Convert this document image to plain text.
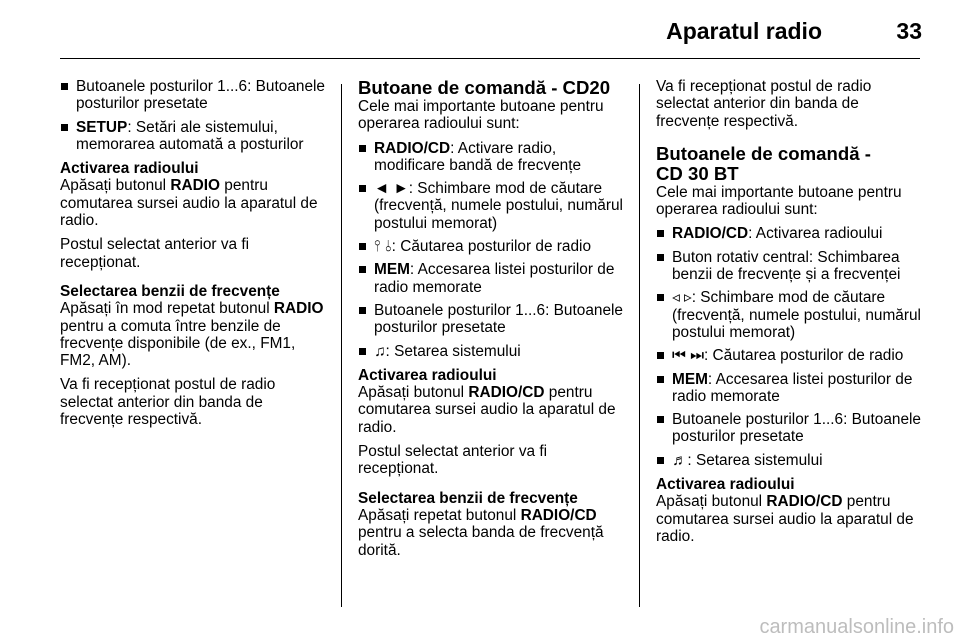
Aparatul radio	33
Butoanele posturilor 1...6: Butoanele posturilor presetate
SETUP: Setări ale sistemului, memorarea automată a posturilor
Activarea radioului

Apăsați butonul RADIO pentru comutarea sursei audio la aparatul de radio.

Postul selectat anterior va fi recepționat.

Selectarea benzii de frecvențe

Apăsați în mod repetat butonul RADIO pentru a comuta între benzile de frecvențe disponibile (de ex., FM1, FM2, AM).

Va fi recepționat postul de radio selectat anterior din banda de frecvențe respectivă.

Butoane de comandă - CD20

Cele mai importante butoane pentru operarea radioului sunt:

RADIO/CD: Activare radio, modificare bandă de frecvențe
◄ ►: Schimbare mod de căutare (frecvență, numele postului, numărul postului memorat)
⫯ ⫰: Căutarea posturilor de radio
MEM: Accesarea listei posturilor de radio memorate
Butoanele posturilor 1...6: Butoanele posturilor presetate
♫: Setarea sistemului
Activarea radioului

Apăsați butonul RADIO/CD pentru comutarea sursei audio la aparatul de radio.

Postul selectat anterior va fi recepționat.

Selectarea benzii de frecvențe

Apăsați repetat butonul RADIO/CD pentru a selecta banda de frecvență dorită.

Va fi recepționat postul de radio selectat anterior din banda de frecvențe respectivă.

Butoanele de comandă -
CD 30 BT

Cele mai importante butoane pentru operarea radioului sunt:

RADIO/CD: Activarea radioului
Buton rotativ central: Schimbarea benzii de frecvențe și a frecvenței
◃ ▹: Schimbare mod de căutare (frecvență, numele postului, numărul postului memorat)
⏮ ⏭: Căutarea posturilor de radio
MEM: Accesarea listei posturilor de radio memorate
Butoanele posturilor 1...6: Butoanele posturilor presetate
♬: Setarea sistemului
Activarea radioului

Apăsați butonul RADIO/CD pentru comutarea sursei audio la aparatul de radio.

carmanualsonline.info
